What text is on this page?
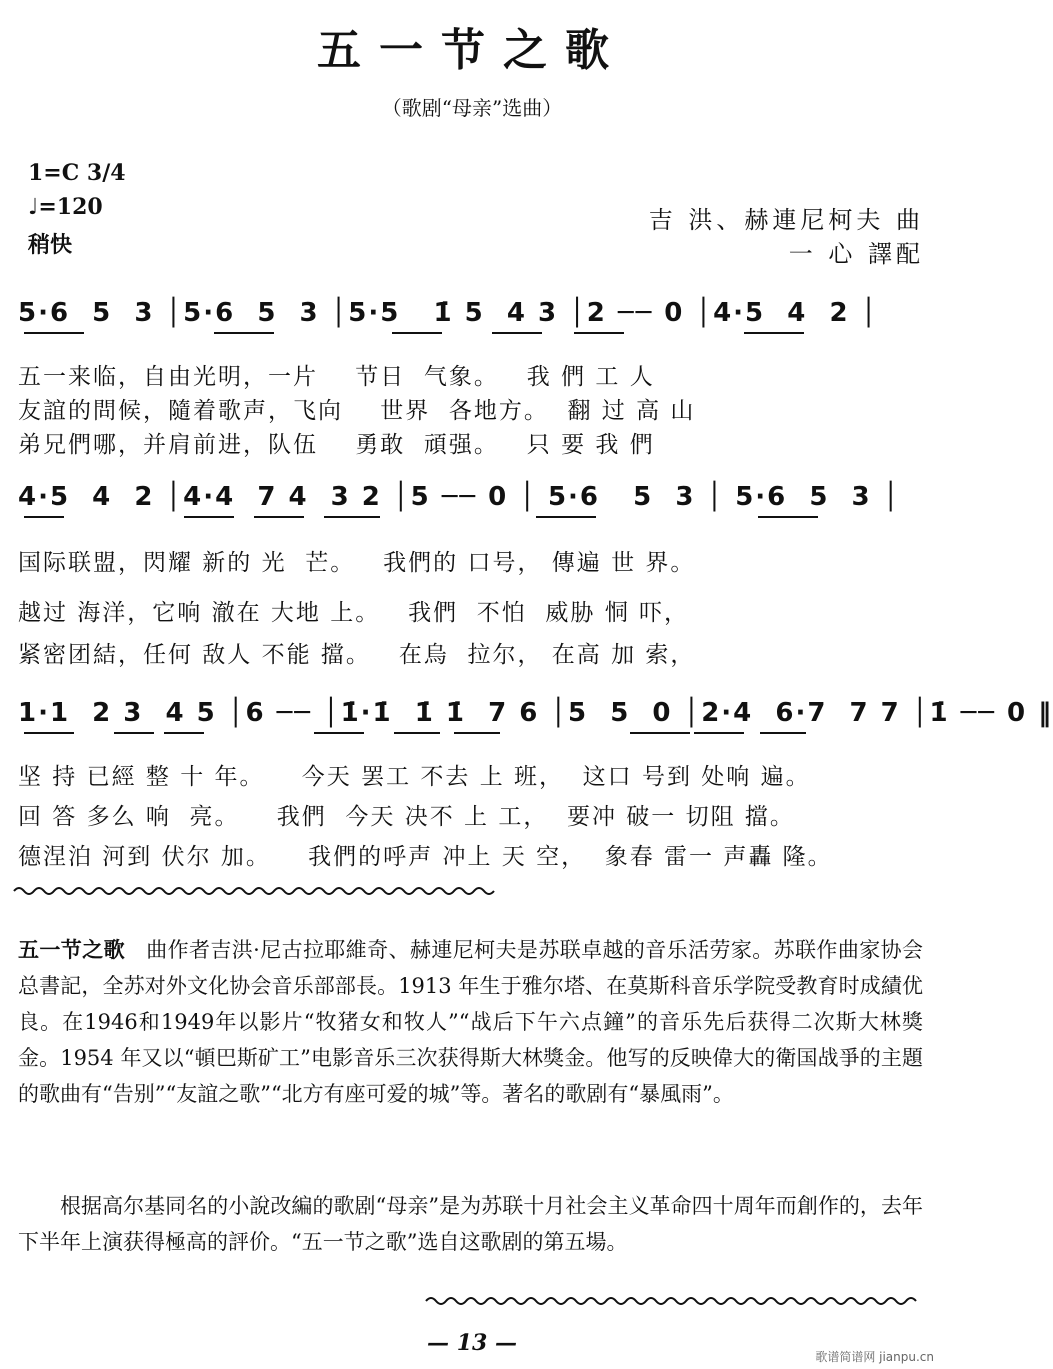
五一节之歌
（歌剧“母亲”选曲）
1=C 3/4
♩=120
稍快
吉 洪、赫連尼柯夫 曲
一 心 譯配
5·6  5  3 │5·6  5  3 │5·5   1̇ 5  4 3 │2 ── 0 │4·5  4  2 │
五一来临，自由光明，一片    节日  气象。   我 們 工 人
友誼的問候，隨着歌声，飞向    世界  各地方。  翻 过 高 山
弟兄們哪，并肩前进，队伍    勇敢  頑强。   只 要 我 們
4·5  4  2 │4·4  7 4  3 2 │5 ── 0 │ 5·6   5  3 │ 5·6  5  3 │
国际联盟，閃耀 新的 光  芒。   我們的 口号， 傳遍 世 界。
越过 海洋，它响 澈在 大地 上。   我們  不怕  威胁 恫 吓，
紧密团結，任何 敌人 不能 擋。   在烏  拉尔， 在高 加 索，
1·1  2 3  4 5 │6 ── │1̇·1̇  1̇ 1̇  7 6 │5  5  0 │2·4  6·7  7 7 │1̇ ── 0 ‖
坚 持 已經 整 十 年。    今天 罢工 不去 上 班，  这口 号到 处响 遍。
回 答 多么 响  亮。    我們  今天 决不 上 工，  要冲 破一 切阻 擋。
德涅泊 河到 伏尔 加。    我們的呼声 冲上 天 空，  象春 雷一 声轟 隆。
五一节之歌 曲作者吉洪·尼古拉耶維奇、赫連尼柯夫是苏联卓越的音乐活劳家。苏联作曲家协会总書記，全苏对外文化协会音乐部部長。1913 年生于雅尔塔、在莫斯科音乐学院受教育时成績优良。在1946和1949年以影片“牧猪女和牧人”“战后下午六点鐘”的音乐先后获得二次斯大林獎金。1954 年又以“頓巴斯矿工”电影音乐三次获得斯大林獎金。他写的反映偉大的衛国战爭的主題的歌曲有“告别”“友誼之歌”“北方有座可爱的城”等。著名的歌剧有“暴風雨”。
根据高尔基同名的小說改編的歌剧“母亲”是为苏联十月社会主义革命四十周年而創作的，去年下半年上演获得極高的評价。“五一节之歌”选自这歌剧的第五場。
— 13 —
歌谱简谱网 jianpu.cn
